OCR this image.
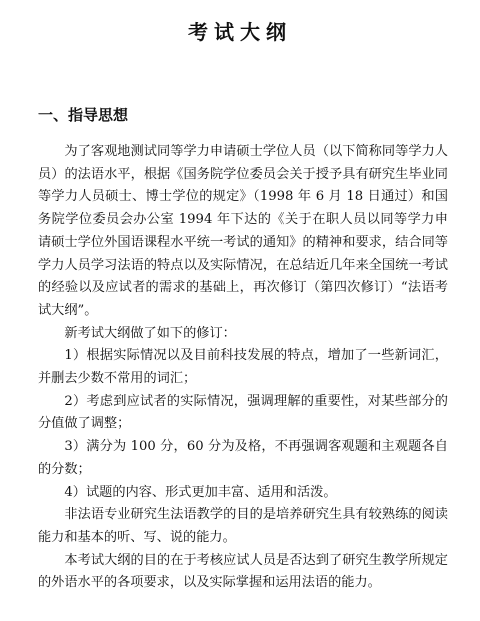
考试大纲
一、指导思想

为了客观地测试同等学力申请硕士学位人员（以下简称同等学力人员）的法语水平，根据《国务院学位委员会关于授予具有研究生毕业同等学力人员硕士、博士学位的规定》（1998 年 6 月 18 日通过）和国务院学位委员会办公室 1994 年下达的《关于在职人员以同等学力申请硕士学位外国语课程水平统一考试的通知》的精神和要求，结合同等学力人员学习法语的特点以及实际情况，在总结近几年来全国统一考试的经验以及应试者的需求的基础上，再次修订（第四次修订）“法语考试大纲”。

新考试大纲做了如下的修订：

1）根据实际情况以及目前科技发展的特点，增加了一些新词汇，并删去少数不常用的词汇；

2）考虑到应试者的实际情况，强调理解的重要性，对某些部分的分值做了调整；

3）满分为 100 分，60 分为及格，不再强调客观题和主观题各自的分数；

4）试题的内容、形式更加丰富、适用和活泼。

非法语专业研究生法语教学的目的是培养研究生具有较熟练的阅读能力和基本的听、写、说的能力。

本考试大纲的目的在于考核应试人员是否达到了研究生教学所规定的外语水平的各项要求，以及实际掌握和运用法语的能力。
